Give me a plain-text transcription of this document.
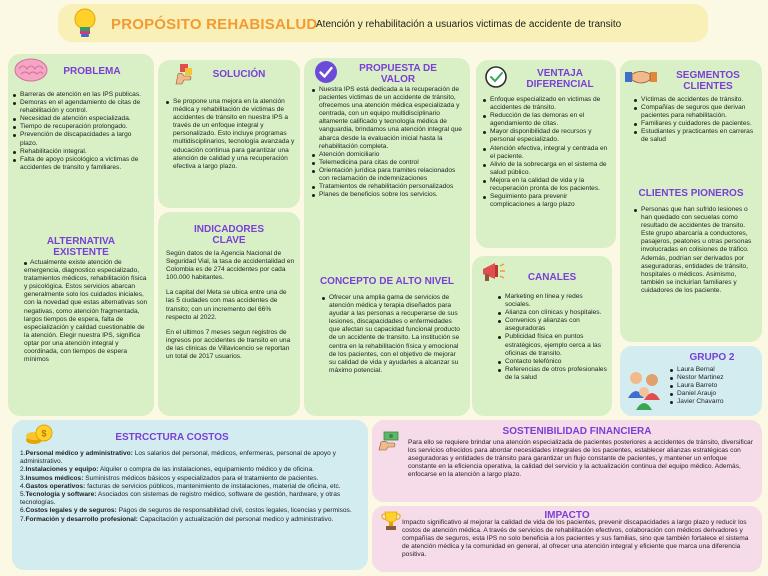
PROPÓSITO REHABISALUD
Atención y rehabilitación a usuarios victimas de accidente de transito
PROBLEMA
Barreras de atención en las IPS publicas.
Demoras en el agendamiento de citas de rehabilitación y control.
Necesidad de atención especializada.
Tiempo de recuperación prolongado.
Prevención de discapacidades a largo plazo.
Rehabilitación integral.
Falta de apoyo psicológico a victimas de accidentes de transito y familiares.
ALTERNATIVA
EXISTENTE
Actualmente existe atención de emergencia, diagnostico especializado, tratamientos médicos, rehabilitación física y psicológica. Estos servicios abarcan generalmente solo los cuidados iniciales, con la novedad que estas alternativas son negativas, como atención fragmentada, largos tiempos de espera, falta de especialización y calidad cuestionable de la atención. Elegir nuestra IPS, significa optar por una atención integral y coordinada, con tiempos de espera mínimos
SOLUCIÓN
Se propone una mejora en la atención médica y rehabilitación de victimas de accidentes de tránsito en nuestra IPS a través de un enfoque integral y personalizado. Esto incluye programas multidisciplinarios, tecnología avanzada y educación continua para garantizar una atención de calidad y una recuperación efectiva a largo plazo.
INDICADORES
CLAVE

Según datos de la Agencia Nacional de Seguridad Vial, la tasa de accidentalidad en Colombia es de 274 accidentes por cada 100.000 habitantes.

La capital del Meta se ubica entre una de las 5 ciudades con mas accidentes de transito; con un incremento del 66% respecto al 2022.

En el ultimos 7 meses segun registros de ingresos por accidentes de transito en una de las clinicas de Villavicencio se reportan un total de 2017 usuarios.

PROPUESTA DE
VALOR
Nuestra IPS está dedicada a la recuperación de pacientes victimas de un accidente de tránsito, ofrecemos una atención médica especializada y centrada, con un equipo multidisciplinario altamente calificado y tecnología médica de vanguardia, brindamos una atención integral que abarca desde la evaluación inicial hasta la rehabilitación completa.
Atención domiciliario
Telemedicina para citas de control
Orientación jurídica para tramites relacionados con reclamación de indemnizaciones
Tratamientos de rehabilitación personalizados
Planes de beneficios sobre los servicios.
CONCEPTO DE ALTO NIVEL
Ofrecer una amplia gama de servicios de atención médica y terapia diseñados para ayudar a las personas a recuperarse de sus lesiones, discapacidades o enfermedades que afectan su capacidad funcional producto de un accidente de transito. La institución se centra en la rehabilitación física y emocional de los pacientes, con el objetivo de mejorar su calidad de vida y ayudarles a alcanzar su máximo potencial.
VENTAJA
DIFERENCIAL
Enfoque especializado en victimas de accidentes de tránsito.
Reducción de las demoras en el agendamiento de citas.
Mayor disponibilidad de recursos y personal especializado.
Atención efectiva, integral y centrada en el paciente.
Alivio de la sobrecarga en el sistema de salud público.
Mejora en la calidad de vida y la recuperación pronta de los pacientes.
Seguimiento para prevenir complicaciones a largo plazo
CANALES
Marketing en línea y redes sociales.
Alianza con clínicas y hospitales.
Convenios y alianzas con aseguradoras
Publicidad física en puntos estratégicos, ejemplo cerca a las oficinas de transito.
Contacto telefónico
Referencias de otros profesionales de la salud
SEGMENTOS
CLIENTES
Víctimas de accidentes de tránsito.
Compañías de seguros que derivan pacientes para rehabilitación.
Familiares y cuidadores de pacientes.
Estudiantes y practicantes en carreras de salud
CLIENTES PIONEROS
Personas que han sufrido lesiones o han quedado con secuelas como resultado de accidentes de transito. Este grupo abarcaría a conductores, pasajeros, peatones u otras personas involucradas en colisiones de tráfico. Además, podrían ser derivados por aseguradoras, entidades de tránsito, hospitales o médicos. Asimismo, también se incluirían familiares y cuidadores de los paciente.
GRUPO 2
Laura Bernal
Nestor Martinez
Laura Barreto
Daniel Araujo
Javier Chavarro
$	ESTRCCTURA COSTOS
1.Personal médico y administrativo: Los salarios del personal, médicos, enfermeras, personal de apoyo y administrativo.
2.Instalaciones y equipo: Alquiler o compra de las instalaciones, equipamiento médico y de oficina.
3.Insumos médicos: Suministros médicos básicos y especializados para el tratamiento de pacientes.
4.Gastos operativos: facturas de servicios públicos, mantenimiento de instalaciones, material de oficina, etc.
5.Tecnología y software: Asociados con sistemas de registro médico, software de gestión, hardware, y otras tecnologías.
6.Costos legales y de seguros: Pagos de seguros de responsabilidad civil, costos legales, licencias y permisos.
7.Formación y desarrollo profesional: Capacitación y actualización del personal medico y administrativo.
SOSTENIBILIDAD FINANCIERA
Para ello se requiere brindar una atención especializada de pacientes posteriores a accidentes de tránsito, diversificar los servicios ofrecidos para abordar necesidades integrales de los pacientes, establecer alianzas estratégicas con aseguradoras y entidades de tránsito para garantizar un flujo constante de pacientes, y mantener un enfoque constante en la eficiencia operativa, la calidad del servicio y la actualización continua del equipo médico. Además, enfocarse en la atención a largo plazo.
IMPACTO
Impacto significativo al mejorar la calidad de vida de los pacientes, prevenir discapacidades a largo plazo y reducir los costos de atención médica. A través de servicios de rehabilitación efectivos, colaboración con médicos derivadores y compañías de seguros, esta IPS no solo beneficia a los pacientes y sus familias, sino que también fortalece el sistema de atención médica y la comunidad en general, al ofrecer una atención integral y eficiente que marca una diferencia positiva.
